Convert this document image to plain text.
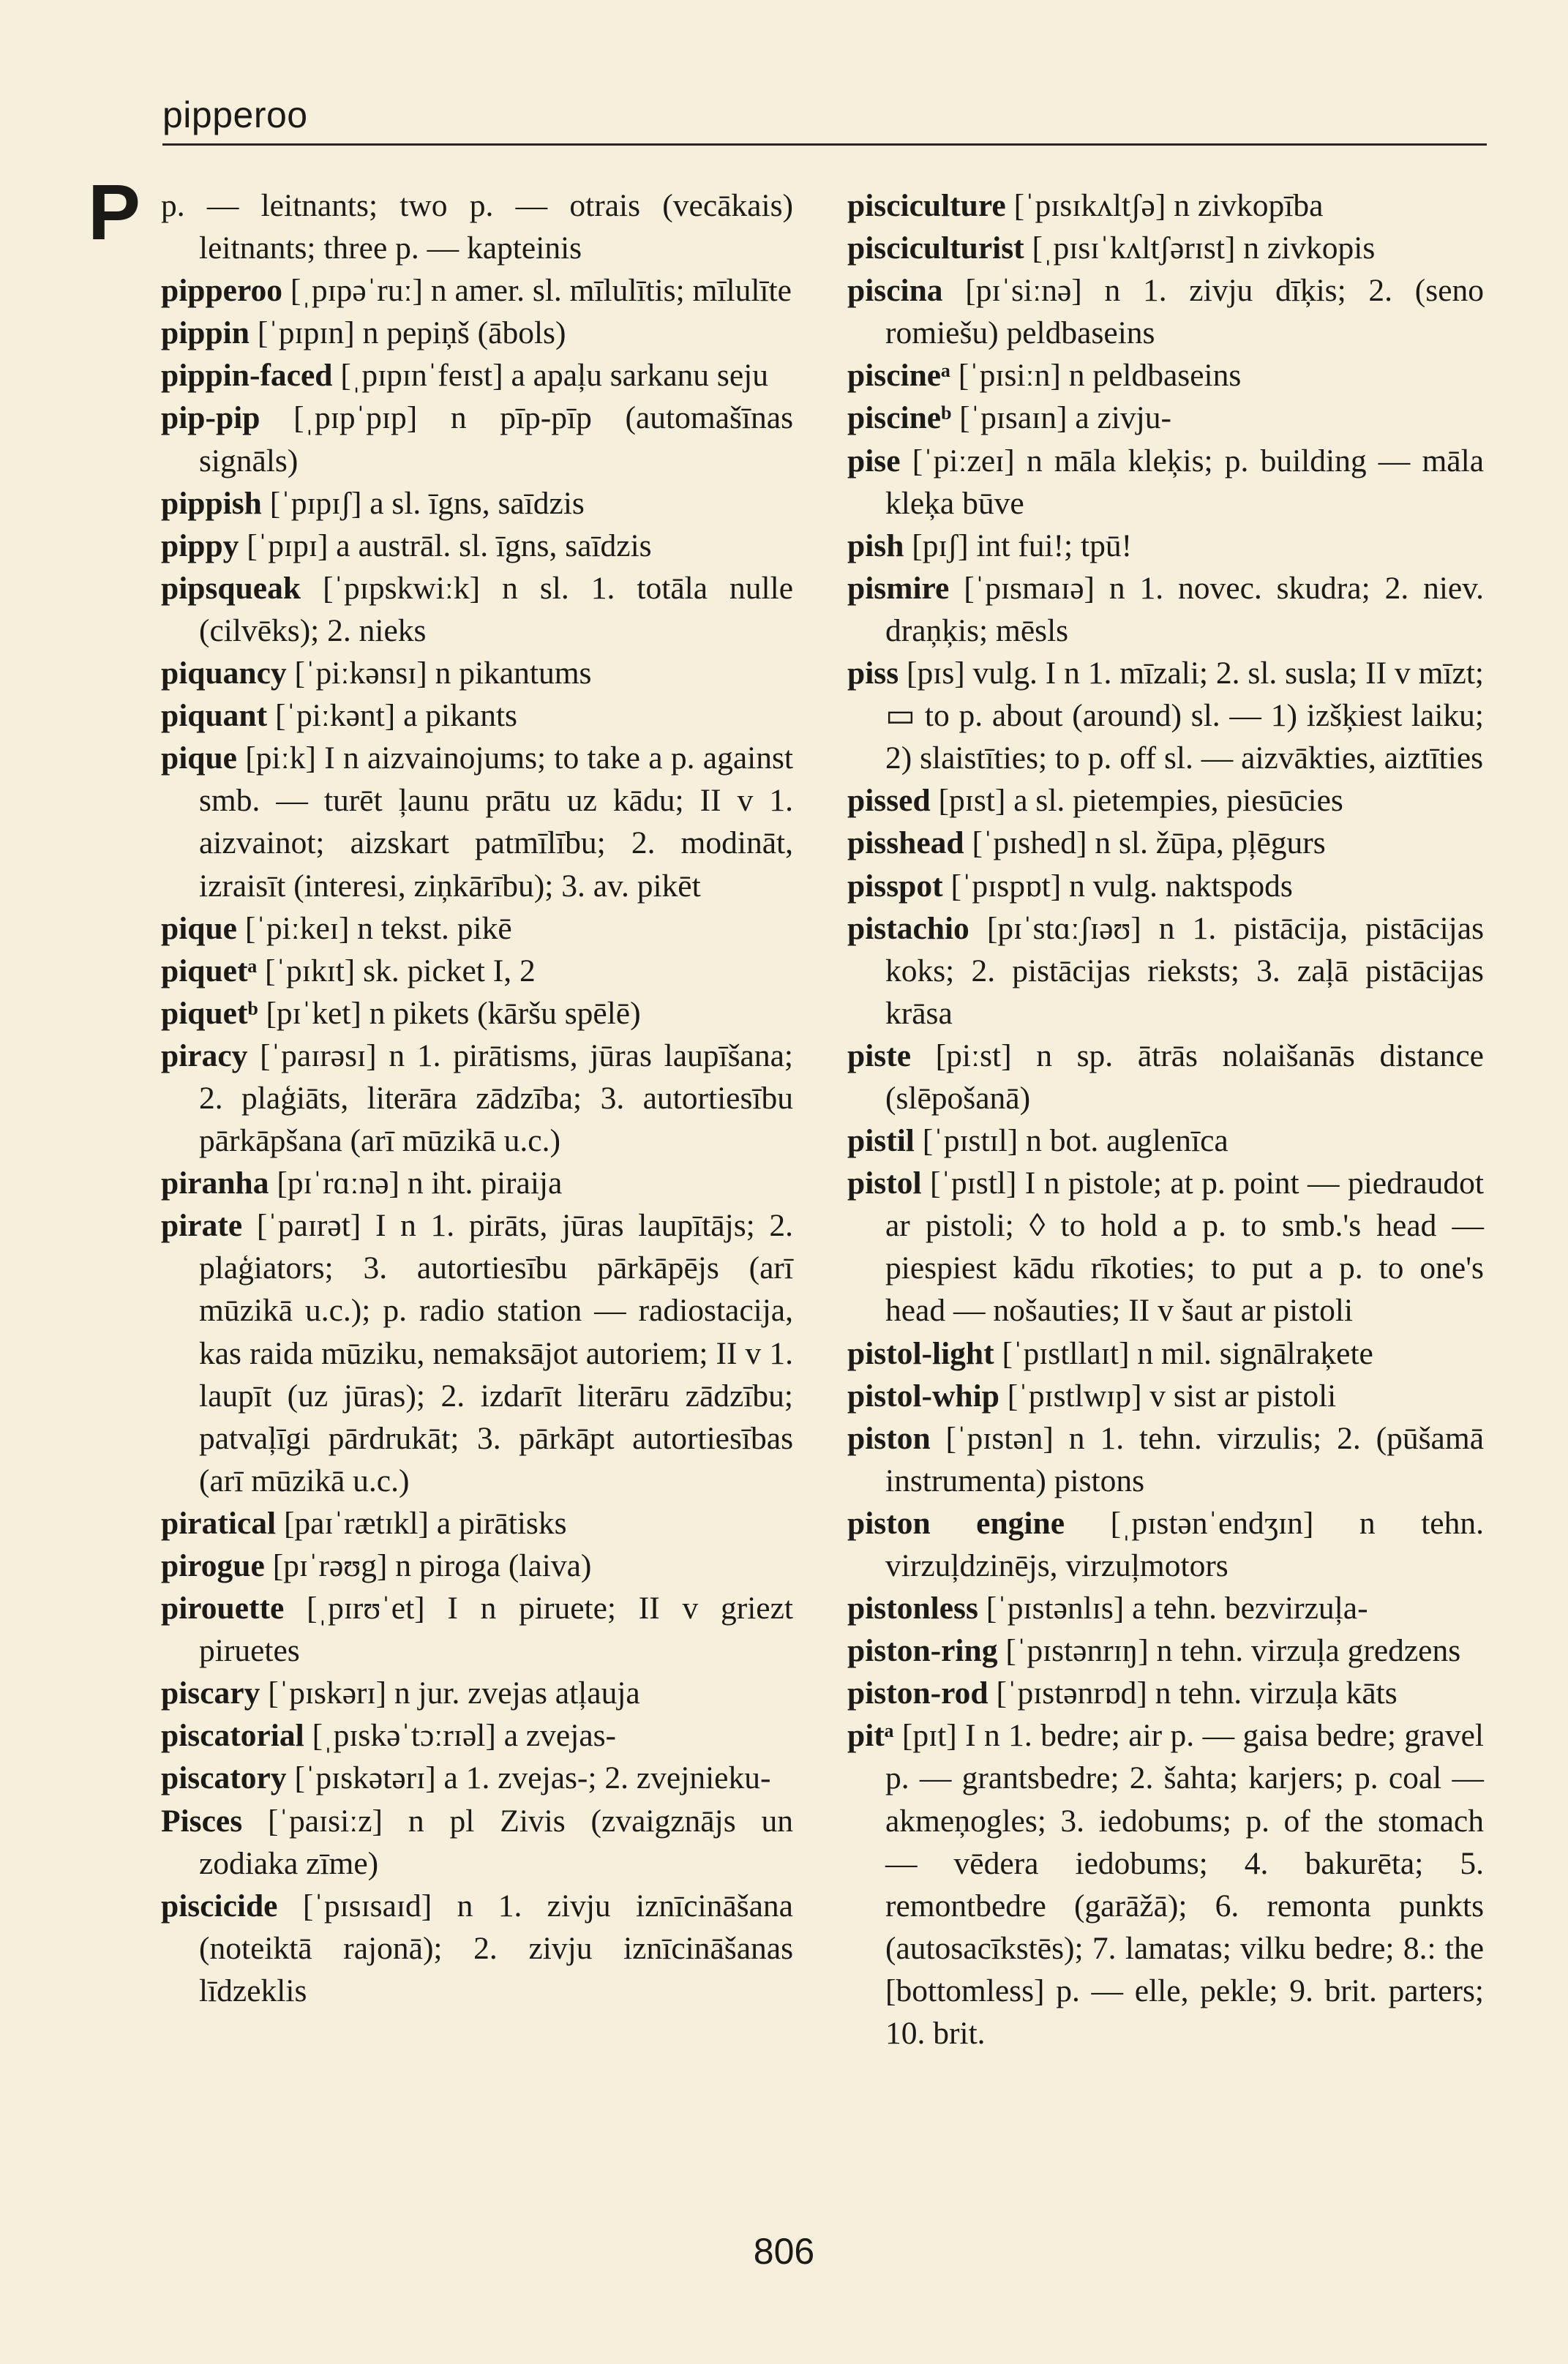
pipperoo
P p. — leitnants; two p. — otrais (vecākais) leitnants; three p. — kapteinis

pipperoo [ˌpɪpəˈruː] n amer. sl. mīlulītis; mīlulīte

pippin [ˈpɪpɪn] n pepiņš (ābols)

pippin-faced [ˌpɪpɪnˈfeɪst] a apaļu sarkanu seju

pip-pip [ˌpɪpˈpɪp] n pīp-pīp (automašīnas signāls)

pippish [ˈpɪpɪʃ] a sl. īgns, saīdzis

pippy [ˈpɪpɪ] a austrāl. sl. īgns, saīdzis

pipsqueak [ˈpɪpskwiːk] n sl. 1. totāla nulle (cilvēks); 2. nieks

piquancy [ˈpiːkənsɪ] n pikantums

piquant [ˈpiːkənt] a pikants

pique [piːk] I n aizvainojums; to take a p. against smb. — turēt ļaunu prātu uz kādu; II v 1. aizvainot; aizskart patmīlību; 2. modināt, izraisīt (interesi, ziņkārību); 3. av. pikēt

pique [ˈpiːkeɪ] n tekst. pikē

piquetᵃ [ˈpɪkɪt] sk. picket I, 2

piquetᵇ [pɪˈket] n pikets (kāršu spēlē)

piracy [ˈpaɪrəsɪ] n 1. pirātisms, jūras laupīšana; 2. plaģiāts, literāra zādzība; 3. autortiesību pārkāpšana (arī mūzikā u.c.)

piranha [pɪˈrɑːnə] n iht. piraija

pirate [ˈpaɪrət] I n 1. pirāts, jūras laupītājs; 2. plaģiators; 3. autortiesību pārkāpējs (arī mūzikā u.c.); p. radio station — radiostacija, kas raida mūziku, nemaksājot autoriem; II v 1. laupīt (uz jūras); 2. izdarīt literāru zādzību; patvaļīgi pārdrukāt; 3. pārkāpt autortiesības (arī mūzikā u.c.)

piratical [paɪˈrætɪkl] a pirātisks

pirogue [pɪˈrəʊg] n piroga (laiva)

pirouette [ˌpɪrʊˈet] I n piruete; II v griezt piruetes

piscary [ˈpɪskərɪ] n jur. zvejas atļauja

piscatorial [ˌpɪskəˈtɔːrɪəl] a zvejas-

piscatory [ˈpɪskətərɪ] a 1. zvejas-; 2. zvejnieku-

Pisces [ˈpaɪsiːz] n pl Zivis (zvaigznājs un zodiaka zīme)

piscicide [ˈpɪsɪsaɪd] n 1. zivju iznīcināšana (noteiktā rajonā); 2. zivju iznīcināšanas līdzeklis

pisciculture [ˈpɪsɪkʌltʃə] n zivkopība

pisciculturist [ˌpɪsɪˈkʌltʃərɪst] n zivkopis

piscina [pɪˈsiːnə] n 1. zivju dīķis; 2. (seno romiešu) peldbaseins

piscineᵃ [ˈpɪsiːn] n peldbaseins

piscineᵇ [ˈpɪsaɪn] a zivju-

pise [ˈpiːzeɪ] n māla kleķis; p. building — māla kleķa būve

pish [pɪʃ] int fui!; tpū!

pismire [ˈpɪsmaɪə] n 1. novec. skudra; 2. niev. draņķis; mēsls

piss [pɪs] vulg. I n 1. mīzali; 2. sl. susla; II v mīzt; ▭ to p. about (around) sl. — 1) izšķiest laiku; 2) slaistīties; to p. off sl. — aizvākties, aiztīties

pissed [pɪst] a sl. pietempies, piesūcies

pisshead [ˈpɪshed] n sl. žūpa, pļēgurs

pisspot [ˈpɪspɒt] n vulg. naktspods

pistachio [pɪˈstɑːʃɪəʊ] n 1. pistācija, pistācijas koks; 2. pistācijas rieksts; 3. zaļā pistācijas krāsa

piste [piːst] n sp. ātrās nolaišanās distance (slēpošanā)

pistil [ˈpɪstɪl] n bot. auglenīca

pistol [ˈpɪstl] I n pistole; at p. point — piedraudot ar pistoli; ◊ to hold a p. to smb.'s head — piespiest kādu rīkoties; to put a p. to one's head — nošauties; II v šaut ar pistoli

pistol-light [ˈpɪstllaɪt] n mil. signālraķete

pistol-whip [ˈpɪstlwɪp] v sist ar pistoli

piston [ˈpɪstən] n 1. tehn. virzulis; 2. (pūšamā instrumenta) pistons

piston engine [ˌpɪstənˈendʒɪn] n tehn. virzuļdzinējs, virzuļmotors

pistonless [ˈpɪstənlɪs] a tehn. bezvirzuļa-

piston-ring [ˈpɪstənrɪŋ] n tehn. virzuļa gredzens

piston-rod [ˈpɪstənrɒd] n tehn. virzuļa kāts

pitᵃ [pɪt] I n 1. bedre; air p. — gaisa bedre; gravel p. — grantsbedre; 2. šahta; karjers; p. coal — akmeņogles; 3. iedobums; p. of the stomach — vēdera iedobums; 4. bakurēta; 5. remontbedre (garāžā); 6. remonta punkts (autosacīkstēs); 7. lamatas; vilku bedre; 8.: the [bottomless] p. — elle, pekle; 9. brit. parters; 10. brit.

806
